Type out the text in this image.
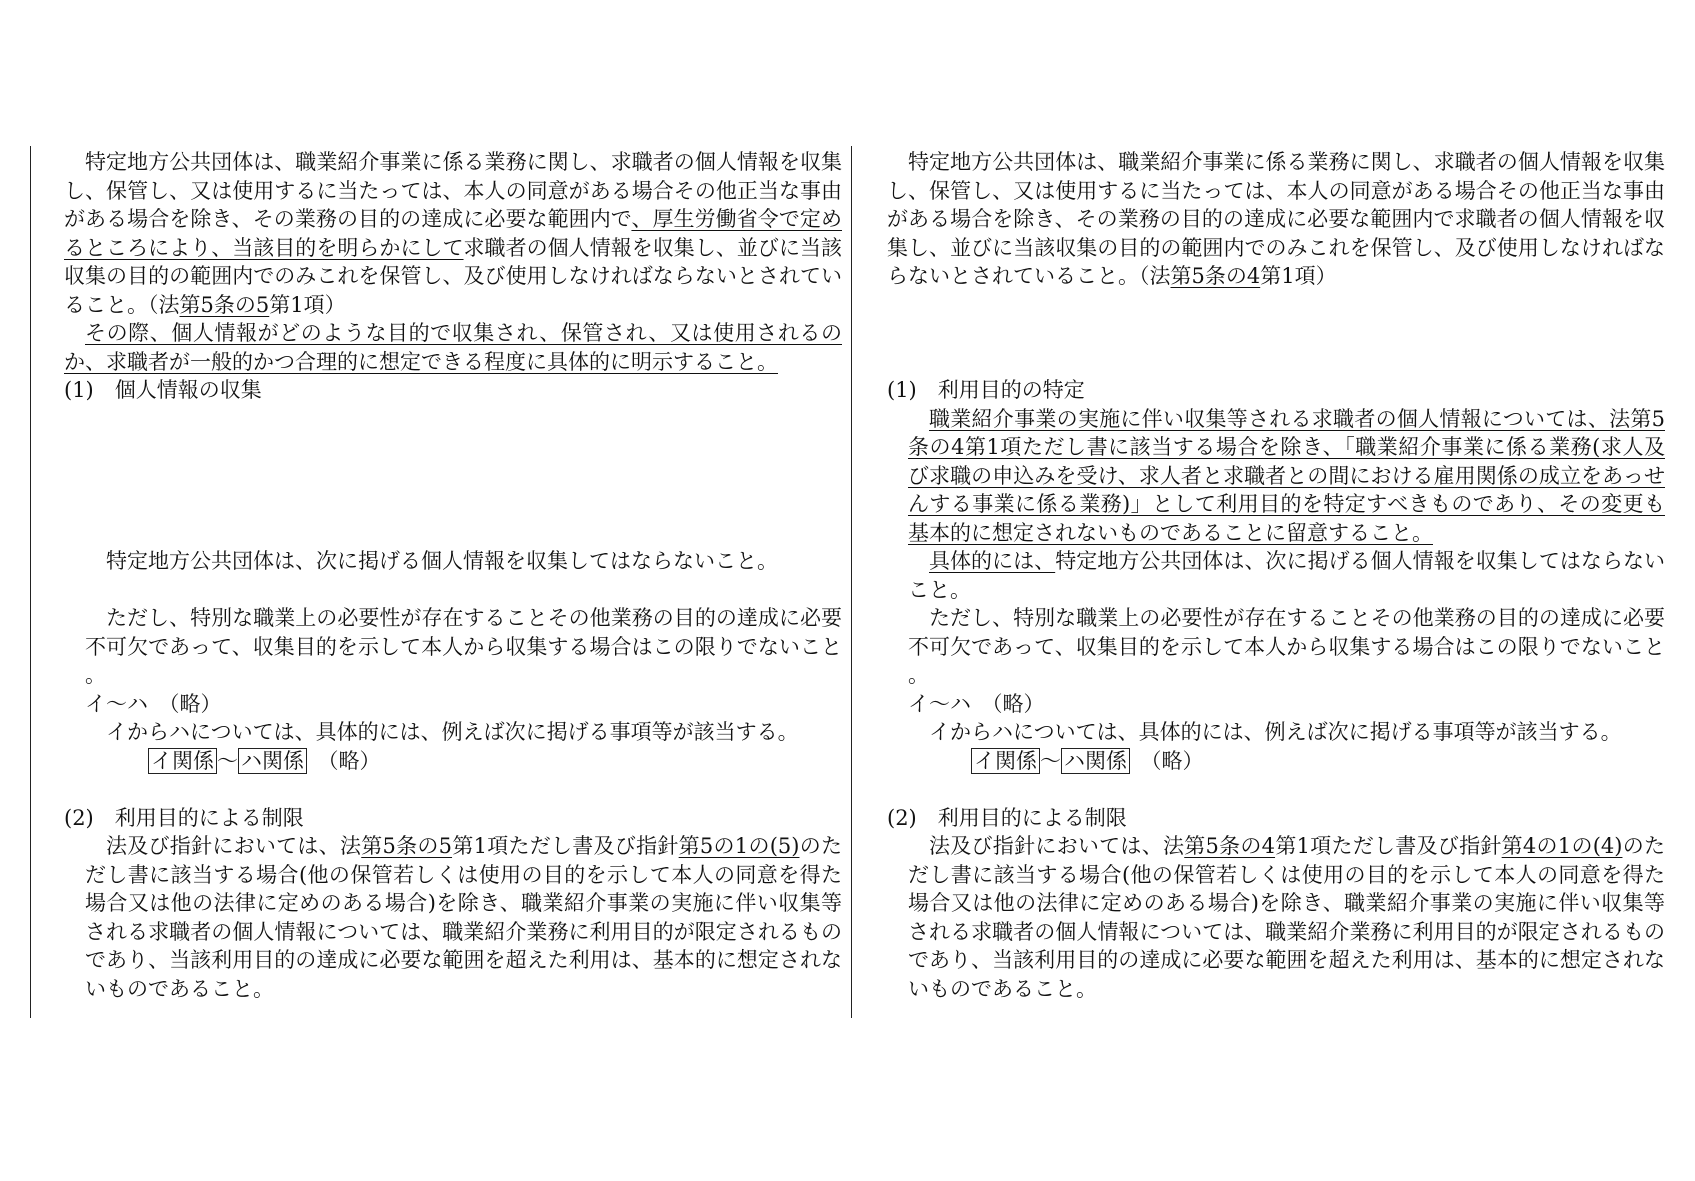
特定地方公共団体は、職業紹介事業に係る業務に関し、求職者の個人情報を収集し、保管し、又は使用するに当たっては、本人の同意がある場合その他正当な事由がある場合を除き、その業務の目的の達成に必要な範囲内で、厚生労働省令で定めるところにより、当該目的を明らかにして求職者の個人情報を収集し、並びに当該収集の目的の範囲内でのみこれを保管し、及び使用しなければならないとされていること。（法第5条の5第1項）

その際、個人情報がどのような目的で収集され、保管され、又は使用されるのか、求職者が一般的かつ合理的に想定できる程度に具体的に明示すること。

(1)　個人情報の収集

特定地方公共団体は、次に掲げる個人情報を収集してはならないこと。

ただし、特別な職業上の必要性が存在することその他業務の目的の達成に必要不可欠であって、収集目的を示して本人から収集する場合はこの限りでないこと。

イ～ハ　（略）

イからハについては、具体的には、例えば次に掲げる事項等が該当する。

イ関係 ～ ハ関係　 （略）

(2)　利用目的による制限

法及び指針においては、法第5条の5第1項ただし書及び指針第5の1の(5)のただし書に該当する場合(他の保管若しくは使用の目的を示して本人の同意を得た場合又は他の法律に定めのある場合)を除き、職業紹介事業の実施に伴い収集等される求職者の個人情報については、職業紹介業務に利用目的が限定されるものであり、当該利用目的の達成に必要な範囲を超えた利用は、基本的に想定されないものであること。

特定地方公共団体は、職業紹介事業に係る業務に関し、求職者の個人情報を収集し、保管し、又は使用するに当たっては、本人の同意がある場合その他正当な事由がある場合を除き、その業務の目的の達成に必要な範囲内で求職者の個人情報を収集し、並びに当該収集の目的の範囲内でのみこれを保管し、及び使用しなければならないとされていること。（法第5条の4第1項）

(1)　利用目的の特定

職業紹介事業の実施に伴い収集等される求職者の個人情報については、法第5条の4第1項ただし書に該当する場合を除き、「職業紹介事業に係る業務(求人及び求職の申込みを受け、求人者と求職者との間における雇用関係の成立をあっせんする事業に係る業務)」として利用目的を特定すべきものであり、その変更も基本的に想定されないものであることに留意すること。

具体的には、特定地方公共団体は、次に掲げる個人情報を収集してはならないこと。

ただし、特別な職業上の必要性が存在することその他業務の目的の達成に必要不可欠であって、収集目的を示して本人から収集する場合はこの限りでないこと。

イ～ハ　（略）

イからハについては、具体的には、例えば次に掲げる事項等が該当する。

イ関係 ～ ハ関係　 （略）

(2)　利用目的による制限

法及び指針においては、法第5条の4第1項ただし書及び指針第4の1の(4)のただし書に該当する場合(他の保管若しくは使用の目的を示して本人の同意を得た場合又は他の法律に定めのある場合)を除き、職業紹介事業の実施に伴い収集等される求職者の個人情報については、職業紹介業務に利用目的が限定されるものであり、当該利用目的の達成に必要な範囲を超えた利用は、基本的に想定されないものであること。
